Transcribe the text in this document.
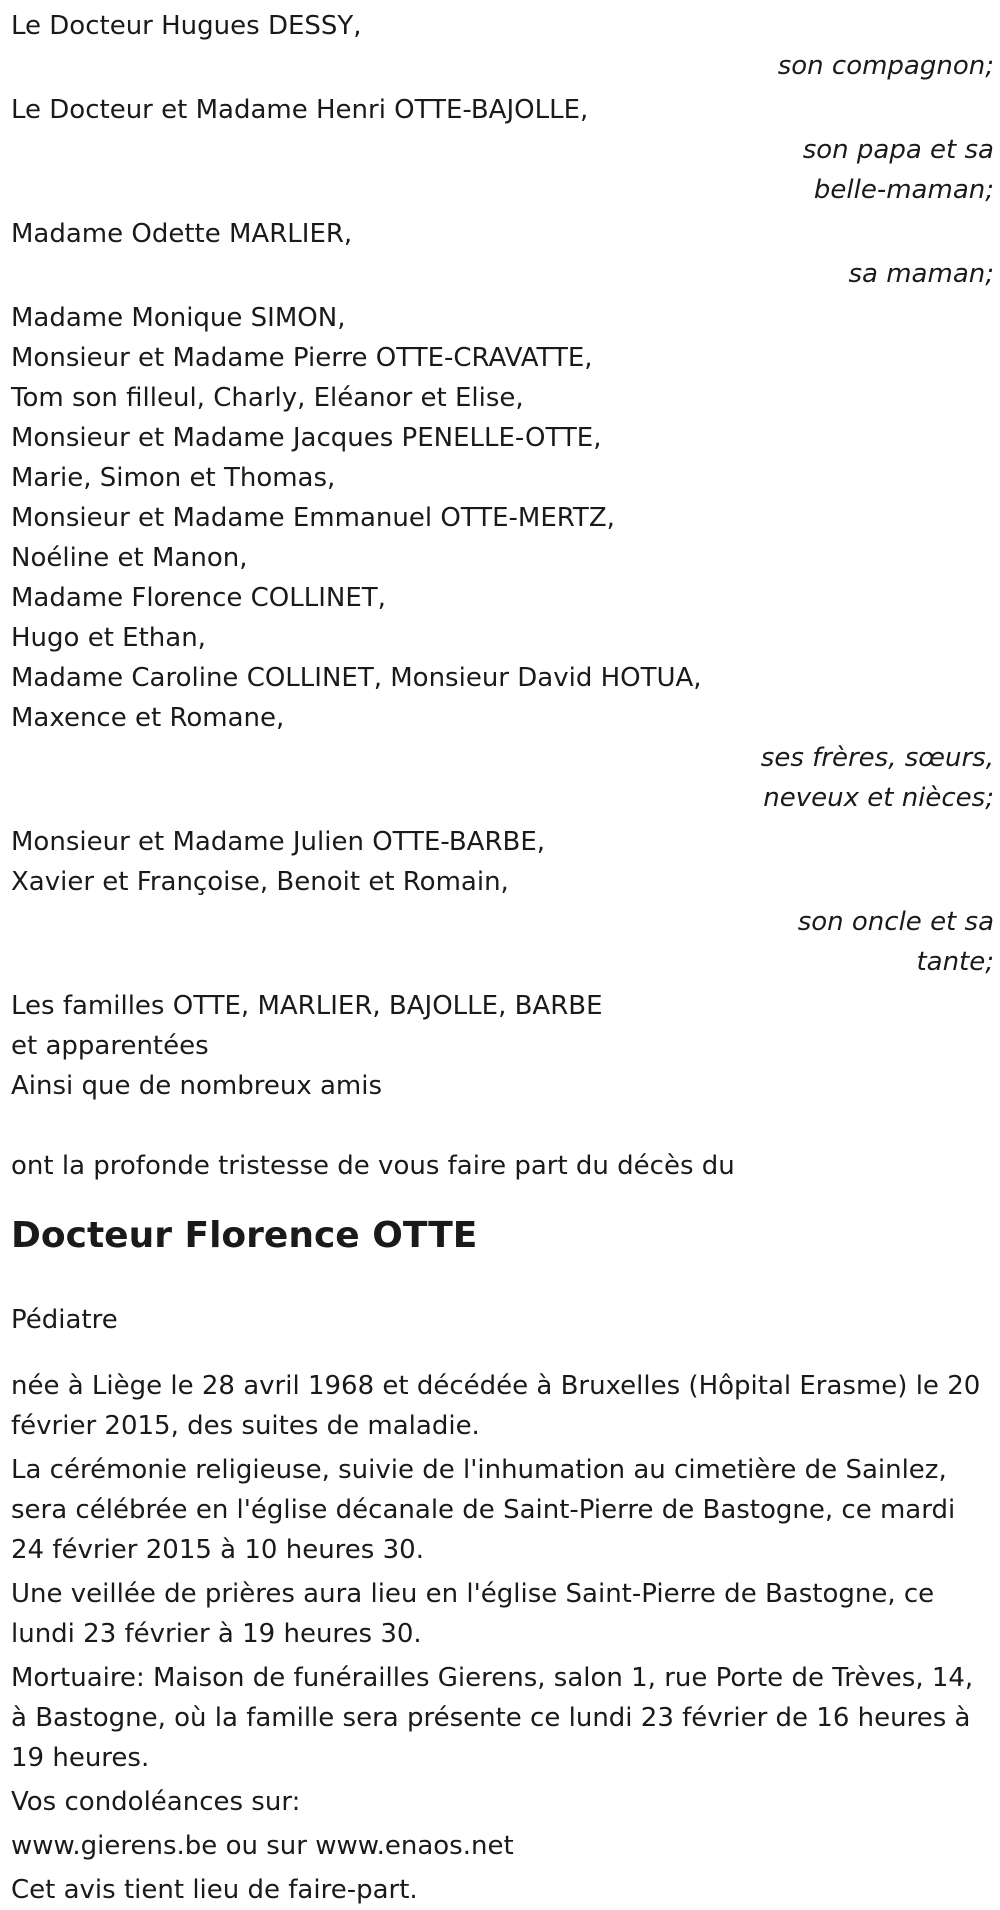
Le Docteur Hugues DESSY,

son compagnon;

Le Docteur et Madame Henri OTTE-BAJOLLE,

son papa et sa

belle-maman;

Madame Odette MARLIER,

sa maman;

Madame Monique SIMON,

Monsieur et Madame Pierre OTTE-CRAVATTE,

Tom son filleul, Charly, Eléanor et Elise,

Monsieur et Madame Jacques PENELLE-OTTE,

Marie, Simon et Thomas,

Monsieur et Madame Emmanuel OTTE-MERTZ,

Noéline et Manon,

Madame Florence COLLINET,

Hugo et Ethan,

Madame Caroline COLLINET, Monsieur David HOTUA,

Maxence et Romane,

ses frères, sœurs,

neveux et nièces;

Monsieur et Madame Julien OTTE-BARBE,

Xavier et Françoise, Benoit et Romain,

son oncle et sa

tante;

Les familles OTTE, MARLIER, BAJOLLE, BARBE

et apparentées

Ainsi que de nombreux amis

ont la profonde tristesse de vous faire part du décès du

Docteur Florence OTTE

Pédiatre

née à Liège le 28 avril 1968 et décédée à Bruxelles (Hôpital Erasme) le 20 février 2015, des suites de maladie.

La cérémonie religieuse, suivie de l'inhumation au cimetière de Sainlez, sera célébrée en l'église décanale de Saint-Pierre de Bastogne, ce mardi 24 février 2015 à 10 heures 30.

Une veillée de prières aura lieu en l'église Saint-Pierre de Bastogne, ce lundi 23 février à 19 heures 30.

Mortuaire: Maison de funérailles Gierens, salon 1, rue Porte de Trèves, 14, à Bastogne, où la famille sera présente ce lundi 23 février de 16 heures à 19 heures.

Vos condoléances sur:

www.gierens.be ou sur www.enaos.net

Cet avis tient lieu de faire-part.
